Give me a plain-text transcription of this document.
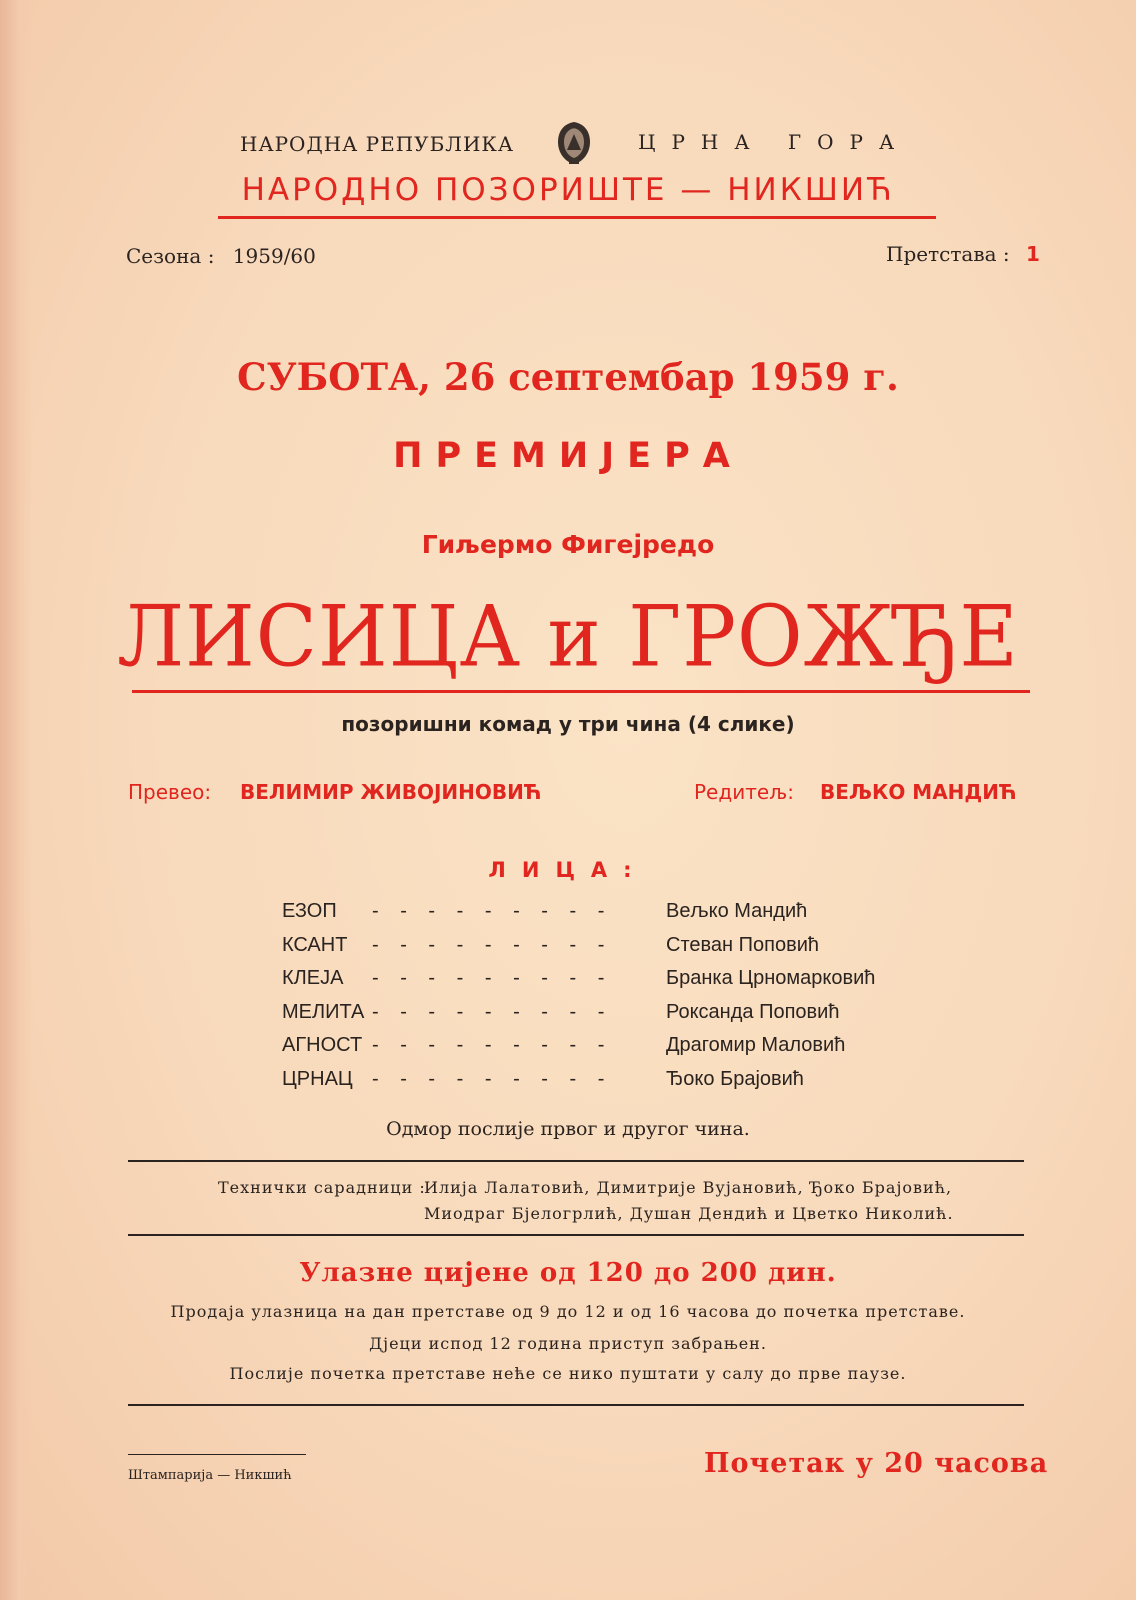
НАРОДНА РЕПУБЛИКА	ЦРНА ГОРА
НАРОДНО ПОЗОРИШТЕ — НИКШИЋ
Сезона : 1959/60	Претстава : 1
СУБОТА, 26 септембар 1959 г.
ПРЕМИЈЕРА
Гиљермо Фигејредо
ЛИСИЦА и ГРОЖЂЕ
позоришни комад у три чина (4 слике)
Превео: ВЕЛИМИР ЖИВОЈИНОВИЋ	Редитељ: ВЕЉКО МАНДИЋ
ЛИЦА:
ЕЗОП - - - - - - - - -	Вељко Мандић
КСАНТ - - - - - - - - -	Стеван Поповић
КЛЕЈА - - - - - - - - -	Бранка Црномарковић
МЕЛИТА - - - - - - - - -	Роксанда Поповић
АГНОСТ - - - - - - - - -	Драгомир Маловић
ЦРНАЦ - - - - - - - - -	Ђоко Брајовић
Одмор послије првог и другог чина.
Технички сарадници :
Илија Лалатовић, Димитрије Вујановић, Ђоко Брајовић,
Миодраг Бјелогрлић, Душан Дендић и Цветко Николић.
Улазне цијене од 120 до 200 дин.
Продаја улазница на дан претставе од 9 до 12 и од 16 часова до почетка претставе.
Дјеци испод 12 година приступ забрањен.
Послије почетка претставе неће се нико пуштати у салу до прве паузе.
Штампарија — Никшић	Почетак у 20 часова
